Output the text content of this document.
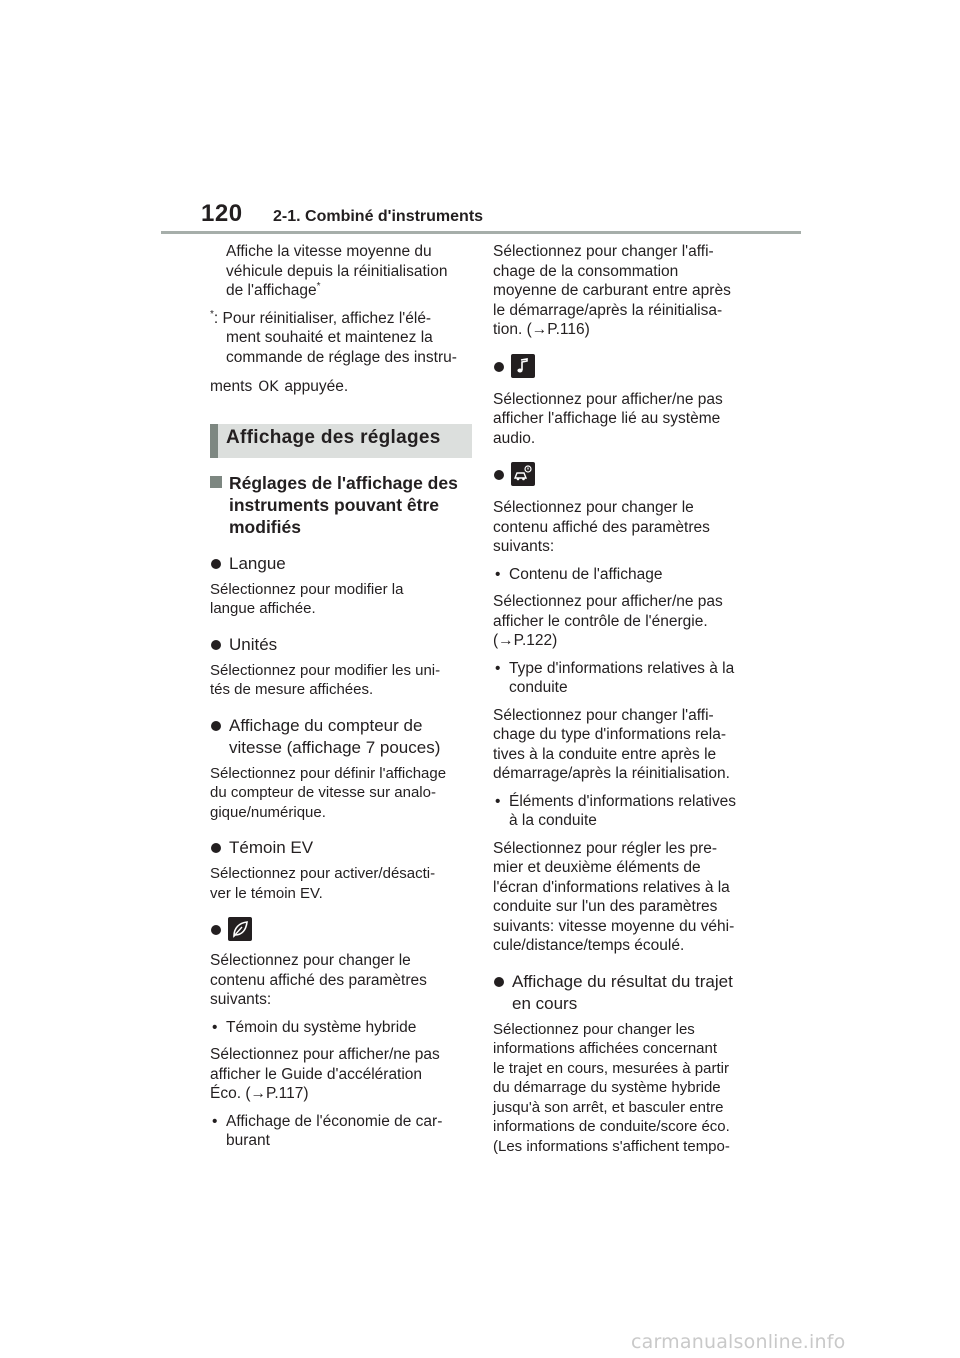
120 2-1. Combiné d'instruments

Affiche la vitesse moyenne du
véhicule depuis la réinitialisation
de l'affichage*

*: Pour réinitialiser, affichez l'élé-
ment souhaité et maintenez la
commande de réglage des instru-
ments OK appuyée.

Affichage des réglages
Réglages de l'affichage des
instruments pouvant être
modifiés
Langue

Sélectionnez pour modifier la
langue affichée.

Unités

Sélectionnez pour modifier les uni-
tés de mesure affichées.

Affichage du compteur de
vitesse (affichage 7 pouces)

Sélectionnez pour définir l'affichage
du compteur de vitesse sur analo-
gique/numérique.

Témoin EV

Sélectionnez pour activer/désacti-
ver le témoin EV.

Sélectionnez pour changer le
contenu affiché des paramètres
suivants:

• Témoin du système hybride

Sélectionnez pour afficher/ne pas
afficher le Guide d'accélération
Éco. (→P.117)

• Affichage de l'économie de car-
burant

Sélectionnez pour changer l'affi-
chage de la consommation
moyenne de carburant entre après
le démarrage/après la réinitialisa-
tion. (→P.116)

Sélectionnez pour afficher/ne pas
afficher l'affichage lié au système
audio.

Sélectionnez pour changer le
contenu affiché des paramètres
suivants:

• Contenu de l'affichage

Sélectionnez pour afficher/ne pas
afficher le contrôle de l'énergie.
(→P.122)

• Type d'informations relatives à la
conduite

Sélectionnez pour changer l'affi-
chage du type d'informations rela-
tives à la conduite entre après le
démarrage/après la réinitialisation.

• Éléments d'informations relatives
à la conduite

Sélectionnez pour régler les pre-
mier et deuxième éléments de
l'écran d'informations relatives à la
conduite sur l'un des paramètres
suivants: vitesse moyenne du véhi-
cule/distance/temps écoulé.

Affichage du résultat du trajet
en cours

Sélectionnez pour changer les
informations affichées concernant
le trajet en cours, mesurées à partir
du démarrage du système hybride
jusqu'à son arrêt, et basculer entre
informations de conduite/score éco.
(Les informations s'affichent tempo-

carmanualsonline.info
